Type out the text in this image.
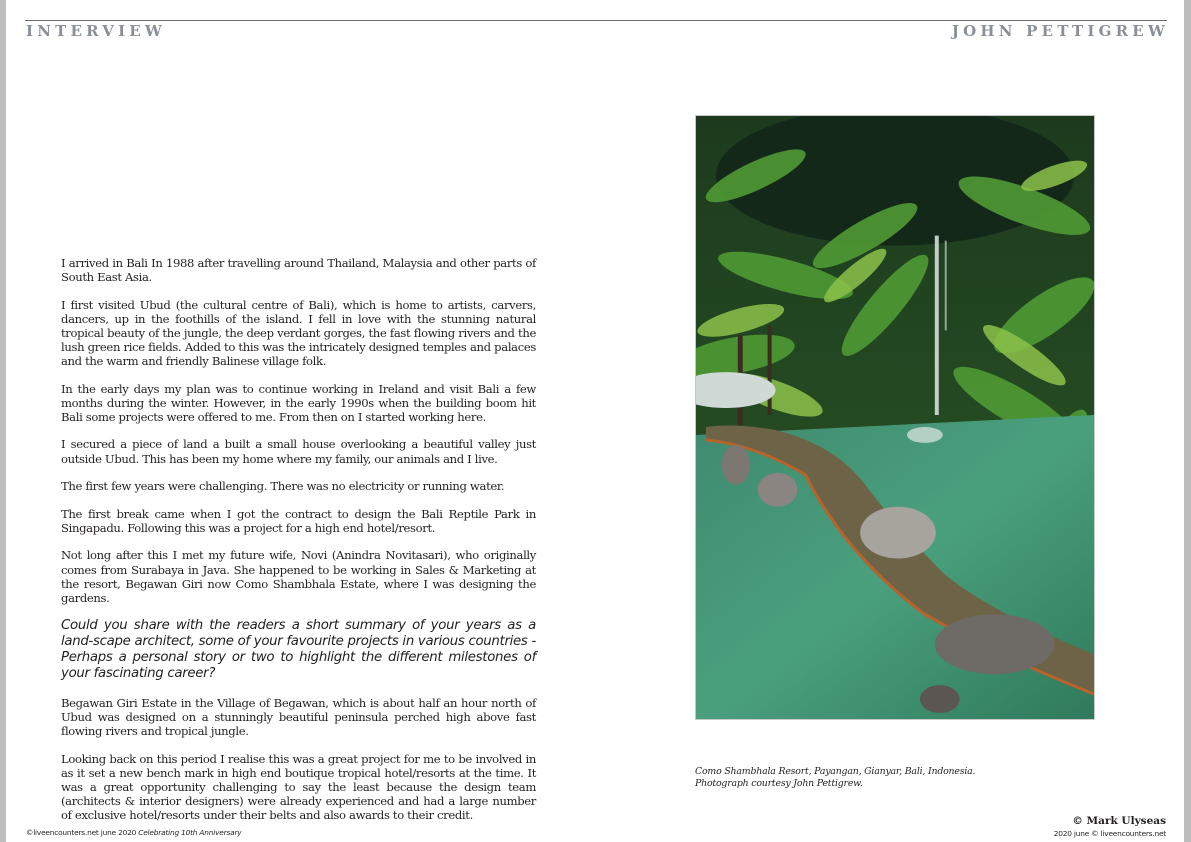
INTERVIEW	JOHN PETTIGREW

I arrived in Bali In 1988 after travelling around Thailand, Malaysia and other parts of South East Asia.

I first visited Ubud (the cultural centre of Bali), which is home to artists, carvers, dancers, up in the foothills of the island. I fell in love with the stunning natural tropical beauty of the jungle, the deep verdant gorges, the fast flowing rivers and the lush green rice fields. Added to this was the intricately designed temples and palaces and the warm and friendly Balinese village folk.

In the early days my plan was to continue working in Ireland and visit Bali a few months during the winter. However, in the early 1990s when the building boom hit Bali some projects were offered to me. From then on I started working here.

I secured a piece of land a built a small house overlooking a beautiful valley just outside Ubud. This has been my home where my family, our animals and I live.

The first few years were challenging. There was no electricity or running water.

The first break came when I got the contract to design the Bali Reptile Park in Singapadu. Following this was a project for a high end hotel/resort.

Not long after this I met my future wife, Novi (Anindra Novitasari), who originally comes from Surabaya in Java. She happened to be working in Sales & Marketing at the resort, Begawan Giri now Como Shambhala Estate, where I was designing the gardens.

Could you share with the readers a short summary of your years as a land-scape architect, some of your favourite projects in various countries - Perhaps a personal story or two to highlight the different milestones of your fascinating career?

Begawan Giri Estate in the Village of Begawan, which is about half an hour north of Ubud was designed on a stunningly beautiful peninsula perched high above fast flowing rivers and tropical jungle.

Looking back on this period I realise this was a great project for me to be involved in as it set a new bench mark in high end boutique tropical hotel/resorts at the time. It was a great opportunity challenging to say the least because the design team (architects & interior designers) were already experienced and had a large number of exclusive hotel/resorts under their belts and also awards to their credit.

Como Shambhala Resort, Payangan, Gianyar, Bali, Indonesia.
Photograph courtesy John Pettigrew.
©liveencounters.net june 2020 Celebrating 10th Anniversary
© Mark Ulyseas
2020 june © liveencounters.net
